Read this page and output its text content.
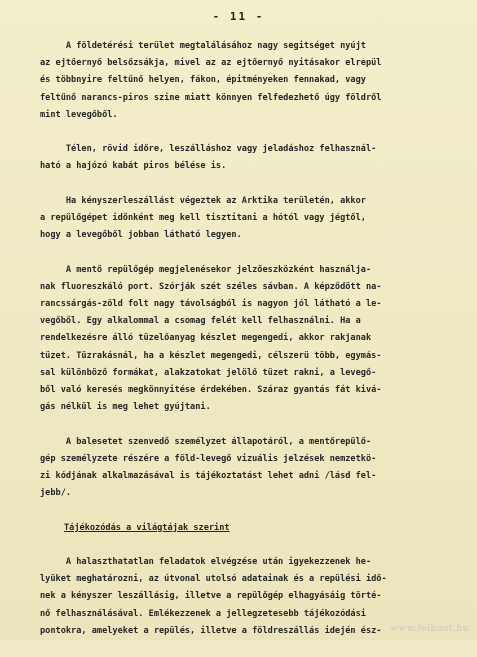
- 11 -
A földetérési terület megtalálásához nagy segitséget nyújt
az ejtőernyő belsőzsákja, mivel az az ejtőernyő nyitásakor elrepül
és többnyire feltűnő helyen, fákon, épitményeken fennakad, vagy
feltűnő narancs-piros szine miatt könnyen felfedezhető úgy földről
mint levegőből.
Télen, rövid időre, leszálláshoz vagy jeladáshoz felhasznál-
ható a hajózó kabát piros bélése is.
Ha kényszerleszállást végeztek az Arktika területén, akkor
a repülőgépet időnként meg kell tisztitani a hótól vagy jégtől,
hogy a levegőből jobban látható legyen.
A mentő repülőgép megjelenésekor jelzőeszközként használja-
nak fluoreszkáló port. Szórják szét széles sávban. A képződött na-
rancssárgás-zöld folt nagy távolságból is nagyon jól látható a le-
vegőből. Egy alkalommal a csomag felét kell felhasználni. Ha a
rendelkezésre álló tüzelőanyag készlet megengedi, akkor rakjanak
tüzet. Tüzrakásnál, ha a készlet megengedi, célszerü több, egymás-
sal különböző formákat, alakzatokat jelölő tüzet rakni, a levegő-
ből való keresés megkönnyitése érdekében. Száraz gyantás fát kivá-
gás nélkül is meg lehet gyújtani.
A balesetet szenvedő személyzet állapotáról, a mentőrepülő-
gép személyzete részére a föld-levegő vizuális jelzések nemzetkö-
zi kódjának alkalmazásával is tájékoztatást lehet adni /lásd fel-
jebb/.
Tájékozódás a világtájak szerint
A halaszthatatlan feladatok elvégzése után igyekezzenek he-
lyüket meghatározni, az útvonal utolsó adatainak és a repülési idő-
nek a kényszer leszállásig, illetve a repülőgép elhagyásáig törté-
nő felhasználásával. Emlékezzenek a jellegzetesebb tájékozódási
pontokra, amelyeket a repülés, illetve a földreszállás idején ész- www.felhout.hu
